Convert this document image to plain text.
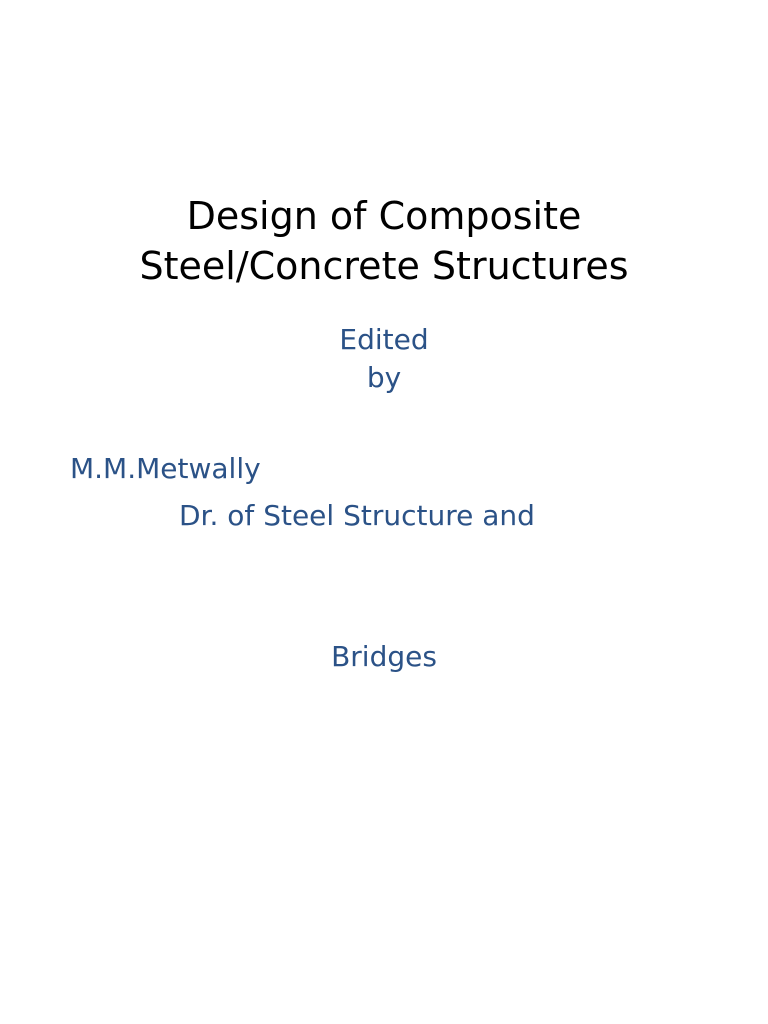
Design of Composite
Steel/Concrete Structures
Edited
by
M.M.Metwally
Dr. of Steel Structure and
Bridges
